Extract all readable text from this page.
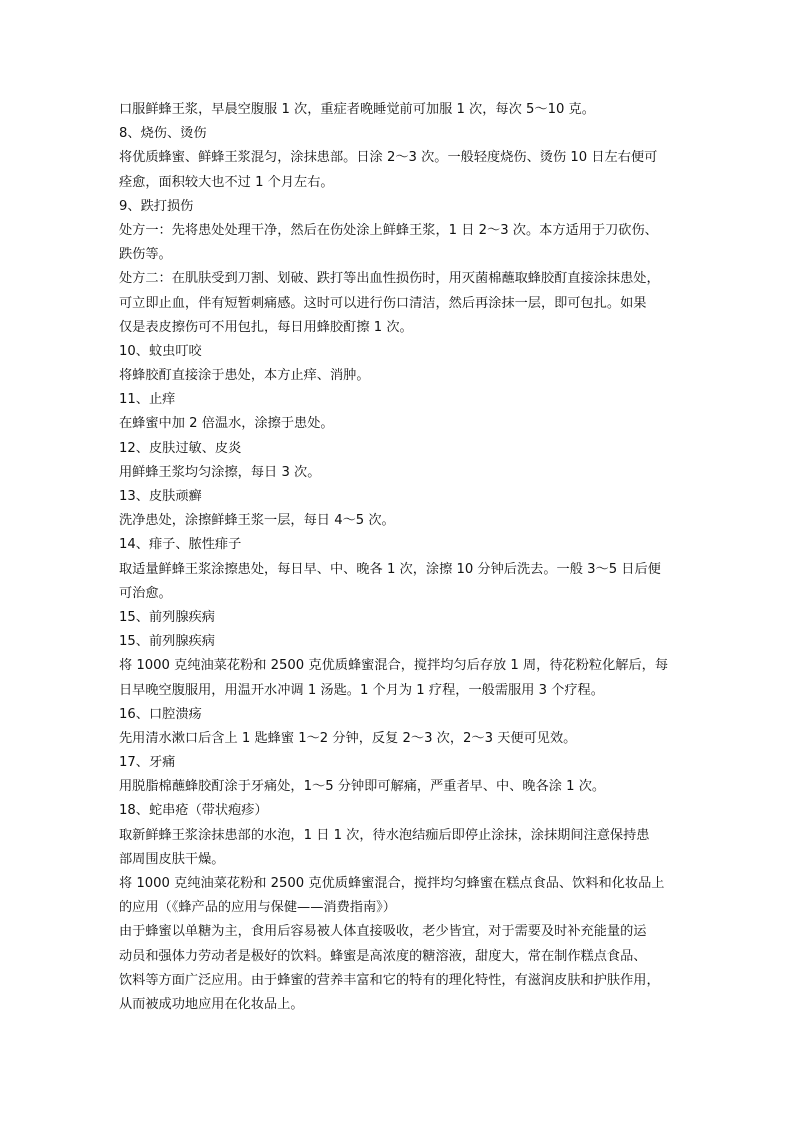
口服鲜蜂王浆，早晨空腹服 1 次，重症者晚睡觉前可加服 1 次，每次 5～10 克。
8、烧伤、烫伤
将优质蜂蜜、鲜蜂王浆混匀，涂抹患部。日涂 2～3 次。一般轻度烧伤、烫伤 10 日左右便可
痊愈，面积较大也不过 1 个月左右。
9、跌打损伤
处方一：先将患处处理干净，然后在伤处涂上鲜蜂王浆，1 日 2～3 次。本方适用于刀砍伤、
跌伤等。
处方二：在肌肤受到刀割、划破、跌打等出血性损伤时，用灭菌棉蘸取蜂胶酊直接涂抹患处，
可立即止血，伴有短暂刺痛感。这时可以进行伤口清洁，然后再涂抹一层，即可包扎。如果
仅是表皮擦伤可不用包扎，每日用蜂胶酊擦 1 次。
10、蚊虫叮咬
将蜂胶酊直接涂于患处，本方止痒、消肿。
11、止痒
在蜂蜜中加 2 倍温水，涂擦于患处。
12、皮肤过敏、皮炎
用鲜蜂王浆均匀涂擦，每日 3 次。
13、皮肤顽癣
洗净患处，涂擦鲜蜂王浆一层，每日 4～5 次。
14、痱子、脓性痱子
取适量鲜蜂王浆涂擦患处，每日早、中、晚各 1 次，涂擦 10 分钟后洗去。一般 3～5 日后便
可治愈。
15、前列腺疾病
15、前列腺疾病
将 1000 克纯油菜花粉和 2500 克优质蜂蜜混合，搅拌均匀后存放 1 周，待花粉粒化解后，每
日早晚空腹服用，用温开水冲调 1 汤匙。1 个月为 1 疗程，一般需服用 3 个疗程。
16、口腔溃疡
先用清水漱口后含上 1 匙蜂蜜 1～2 分钟，反复 2～3 次，2～3 天便可见效。
17、牙痛
用脱脂棉蘸蜂胶酊涂于牙痛处，1～5 分钟即可解痛，严重者早、中、晚各涂 1 次。
18、蛇串疮（带状疱疹）
取新鲜蜂王浆涂抹患部的水泡，1 日 1 次，待水泡结痂后即停止涂抹，涂抹期间注意保持患
部周围皮肤干燥。
将 1000 克纯油菜花粉和 2500 克优质蜂蜜混合，搅拌均匀蜂蜜在糕点食品、饮料和化妆品上
的应用（《蜂产品的应用与保健——消费指南》）
由于蜂蜜以单糖为主，食用后容易被人体直接吸收，老少皆宜，对于需要及时补充能量的运
动员和强体力劳动者是极好的饮料。蜂蜜是高浓度的糖溶液，甜度大，常在制作糕点食品、
饮料等方面广泛应用。由于蜂蜜的营养丰富和它的特有的理化特性，有滋润皮肤和护肤作用，
从而被成功地应用在化妆品上。
